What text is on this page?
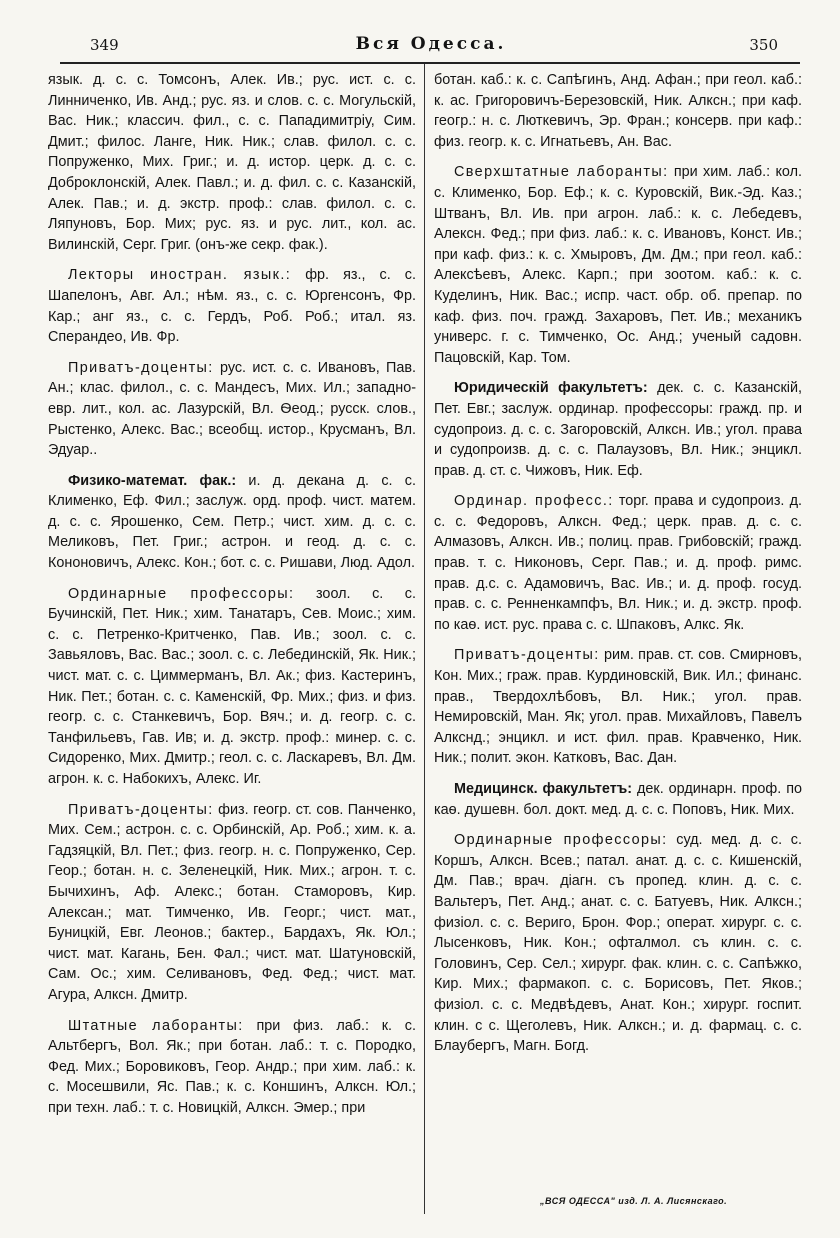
349	Вся Одесса.	350

язык. д. с. с. Томсонъ, Алек. Ив.; рус. ист. с. с. Линниченко, Ив. Анд.; рус. яз. и слов. с. с. Могульскій, Вас. Ник.; классич. фил., с. с. Пападимитріу, Сим. Дмит.; филос. Ланге, Ник. Ник.; слав. филол. с. с. Попруженко, Мих. Григ.; и. д. истор. церк. д. с. с. Доброклонскій, Алек. Павл.; и. д. фил. с. с. Казанскій, Алек. Пав.; и. д. экстр. проф.: слав. филол. с. с. Ляпуновъ, Бор. Мих; рус. яз. и рус. лит., кол. ас. Вилинскій, Серг. Григ. (онъ-же секр. фак.).

Лекторы иностран. язык.: фр. яз., с. с. Шапелонъ, Авг. Ал.; нѣм. яз., с. с. Юргенсонъ, Фр. Кар.; анг яз., с. с. Гердъ, Роб. Роб.; итал. яз. Сперандео, Ив. Фр.

Приватъ-доценты: рус. ист. с. с. Ивановъ, Пав. Ан.; клас. филол., с. с. Мандесъ, Мих. Ил.; западно-евр. лит., кол. ас. Лазурскій, Вл. Ѳеод.; русск. слов., Рыстенко, Алекс. Вас.; всеобщ. истор., Крусманъ, Вл. Эдуар..

Физико-математ. фак.: и. д. декана д. с. с. Клименко, Еф. Фил.; заслуж. орд. проф. чист. матем. д. с. с. Ярошенко, Сем. Петр.; чист. хим. д. с. с. Меликовъ, Пет. Григ.; астрон. и геод. д. с. с. Кононовичъ, Алекс. Кон.; бот. с. с. Ришави, Люд. Адол.

Ординарные профессоры: зоол. с. с. Бучинскій, Пет. Ник.; хим. Танатаръ, Сев. Моис.; хим. с. с. Петренко-Критченко, Пав. Ив.; зоол. с. с. Завьяловъ, Вас. Вас.; зоол. с. с. Лебединскій, Як. Ник.; чист. мат. с. с. Циммерманъ, Вл. Ак.; физ. Кастеринъ, Ник. Пет.; ботан. с. с. Каменскій, Фр. Мих.; физ. и физ. геогр. с. с. Станкевичъ, Бор. Вяч.; и. д. геогр. с. с. Танфильевъ, Гав. Ив; и. д. экстр. проф.: минер. с. с. Сидоренко, Мих. Дмитр.; геол. с. с. Ласкаревъ, Вл. Дм. агрон. к. с. Набокихъ, Алекс. Иг.

Приватъ-доценты: физ. геогр. ст. сов. Панченко, Мих. Сем.; астрон. с. с. Орбинскій, Ар. Роб.; хим. к. а. Гадзяцкій, Вл. Пет.; физ. геогр. н. с. Попруженко, Сер. Геор.; ботан. н. с. Зеленецкій, Ник. Мих.; агрон. т. с. Бычихинъ, Аф. Алекс.; ботан. Стаморовъ, Кир. Алексан.; мат. Тимченко, Ив. Георг.; чист. мат., Буницкій, Евг. Леонов.; бактер., Бардахъ, Як. Юл.; чист. мат. Кагань, Бен. Фал.; чист. мат. Шатуновскій, Сам. Ос.; хим. Селивановъ, Фед. Фед.; чист. мат. Агура, Алксн. Дмитр.

Штатные лаборанты: при физ. лаб.: к. с. Альтбергъ, Вол. Як.; при ботан. лаб.: т. с. Породко, Фед. Мих.; Боровиковъ, Геор. Андр.; при хим. лаб.: к. с. Мосешвили, Яс. Пав.; к. с. Коншинъ, Алксн. Юл.; при техн. лаб.: т. с. Новицкій, Алксн. Эмер.; при

ботан. каб.: к. с. Сапѣгинъ, Анд. Афан.; при геол. каб.: к. ас. Григоровичъ-Березовскій, Ник. Алксн.; при каф. геогр.: н. с. Люткевичъ, Эр. Фран.; консерв. при каф.: физ. геогр. к. с. Игнатьевъ, Ан. Вас.

Сверхштатные лаборанты: при хим. лаб.: кол. с. Клименко, Бор. Еф.; к. с. Куровскій, Вик.-Эд. Каз.; Штванъ, Вл. Ив. при агрон. лаб.: к. с. Лебедевъ, Алексн. Фед.; при физ. лаб.: к. с. Ивановъ, Конст. Ив.; при каф. физ.: к. с. Хмыровъ, Дм. Дм.; при геол. каб.: Алексѣевъ, Алекс. Карп.; при зоотом. каб.: к. с. Куделинъ, Ник. Вас.; испр. част. обр. об. препар. по каф. физ. поч. гражд. Захаровъ, Пет. Ив.; механикъ универс. г. с. Тимченко, Ос. Анд.; ученый садовн. Пацовскій, Кар. Том.

Юридическій факультетъ: дек. с. с. Казанскій, Пет. Евг.; заслуж. ординар. профессоры: гражд. пр. и судопроиз. д. с. с. Загоровскій, Алксн. Ив.; угол. права и судопроизв. д. с. с. Палаузовъ, Вл. Ник.; энцикл. прав. д. ст. с. Чижовъ, Ник. Еф.

Ординар. професс.: торг. права и судопроиз. д. с. с. Федоровъ, Алксн. Фед.; церк. прав. д. с. с. Алмазовъ, Алксн. Ив.; полиц. прав. Грибовскій; гражд. прав. т. с. Никоновъ, Серг. Пав.; и. д. проф. римс. прав. д.с. с. Адамовичъ, Вас. Ив.; и. д. проф. госуд. прав. с. с. Ренненкампфъ, Вл. Ник.; и. д. экстр. проф. по каѳ. ист. рус. права с. с. Шпаковъ, Алкс. Як.

Приватъ-доценты: рим. прав. ст. сов. Смирновъ, Кон. Мих.; граж. прав. Курдиновскій, Вик. Ил.; финанс. прав., Твердохлѣбовъ, Вл. Ник.; угол. прав. Немировскій, Ман. Як; угол. прав. Михайловъ, Павелъ Алкснд.; энцикл. и ист. фил. прав. Кравченко, Ник. Ник.; полит. экон. Катковъ, Вас. Дан.

Медицинск. факультетъ: дек. ординарн. проф. по каѳ. душевн. бол. докт. мед. д. с. с. Поповъ, Ник. Мих.

Ординарные профессоры: суд. мед. д. с. с. Коршъ, Алксн. Всев.; патал. анат. д. с. с. Кишенскій, Дм. Пав.; врач. діагн. съ пропед. клин. д. с. с. Вальтеръ, Пет. Анд.; анат. с. с. Батуевъ, Ник. Алксн.; физіол. с. с. Вериго, Брон. Фор.; операт. хирург. с. с. Лысенковъ, Ник. Кон.; офталмол. съ клин. с. с. Головинъ, Сер. Сел.; хирург. фак. клин. с. с. Сапѣжко, Кир. Мих.; фармакоп. с. с. Борисовъ, Пет. Яков.; физіол. с. с. Медвѣдевъ, Анат. Кон.; хирург. госпит. клин. с с. Щеголевъ, Ник. Алксн.; и. д. фармац. с. с. Блаубергъ, Магн. Богд.

„ВСЯ ОДЕССА" изд. Л. А. Лисянскаго.
